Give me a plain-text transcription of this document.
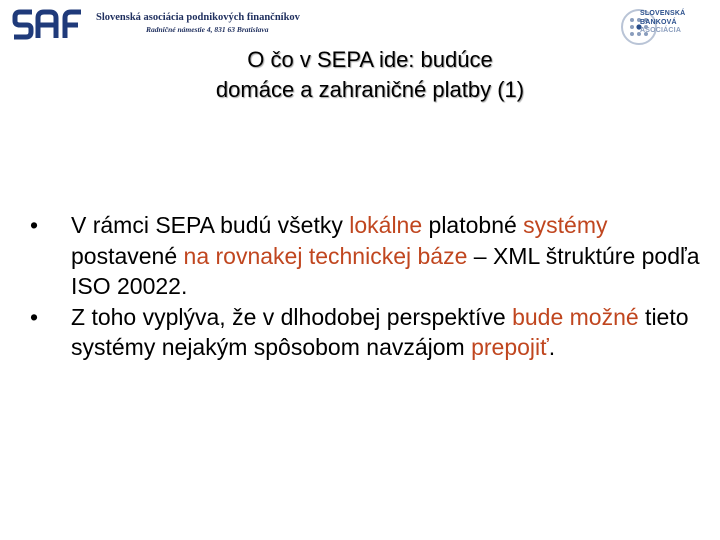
Slovenská asociácia podnikových finančníkov
Radničné námestie 4, 831 63 Bratislava
SLOVENSKÁ
BANKOVÁ
ASOCIÁCIA
O čo v SEPA ide: budúce
domáce a zahraničné platby (1)
•	V rámci SEPA budú všetky lokálne platobné systémy postavené na rovnakej technickej báze – XML štruktúre podľa ISO 20022.
•	Z toho vyplýva, že v dlhodobej perspektíve bude možné tieto systémy nejakým spôsobom navzájom prepojiť.
